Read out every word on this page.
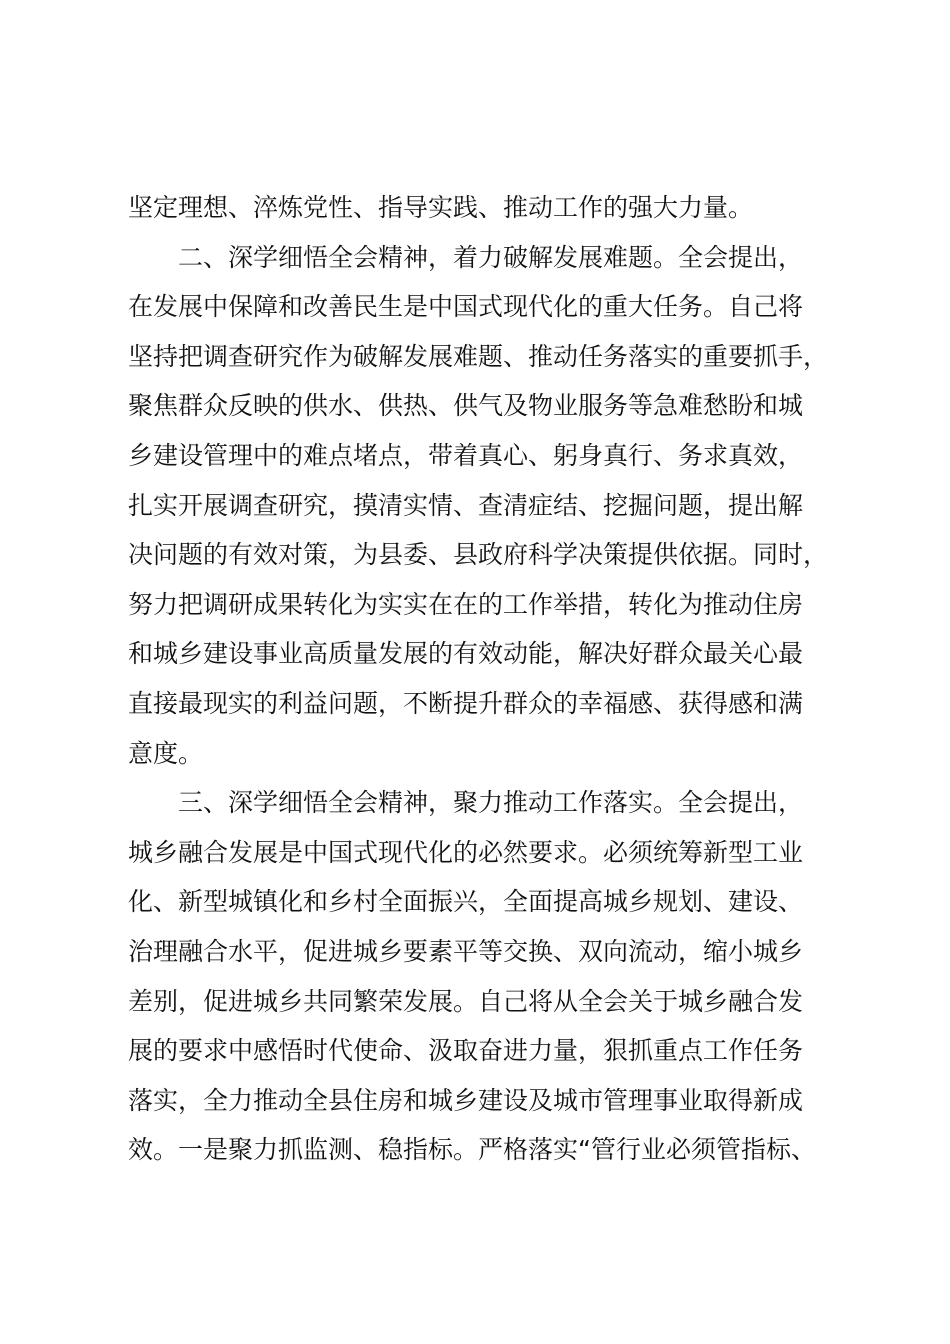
坚定理想、淬炼党性、指导实践、推动工作的强大力量。
二、深学细悟全会精神，着力破解发展难题。全会提出，
在发展中保障和改善民生是中国式现代化的重大任务。自己将
坚持把调查研究作为破解发展难题、推动任务落实的重要抓手，
聚焦群众反映的供水、供热、供气及物业服务等急难愁盼和城
乡建设管理中的难点堵点，带着真心、躬身真行、务求真效，
扎实开展调查研究，摸清实情、查清症结、挖掘问题，提出解
决问题的有效对策，为县委、县政府科学决策提供依据。同时，
努力把调研成果转化为实实在在的工作举措，转化为推动住房
和城乡建设事业高质量发展的有效动能，解决好群众最关心最
直接最现实的利益问题，不断提升群众的幸福感、获得感和满
意度。
三、深学细悟全会精神，聚力推动工作落实。全会提出，
城乡融合发展是中国式现代化的必然要求。必须统筹新型工业
化、新型城镇化和乡村全面振兴，全面提高城乡规划、建设、
治理融合水平，促进城乡要素平等交换、双向流动，缩小城乡
差别，促进城乡共同繁荣发展。自己将从全会关于城乡融合发
展的要求中感悟时代使命、汲取奋进力量，狠抓重点工作任务
落实，全力推动全县住房和城乡建设及城市管理事业取得新成
效。一是聚力抓监测、稳指标。严格落实“管行业必须管指标、
